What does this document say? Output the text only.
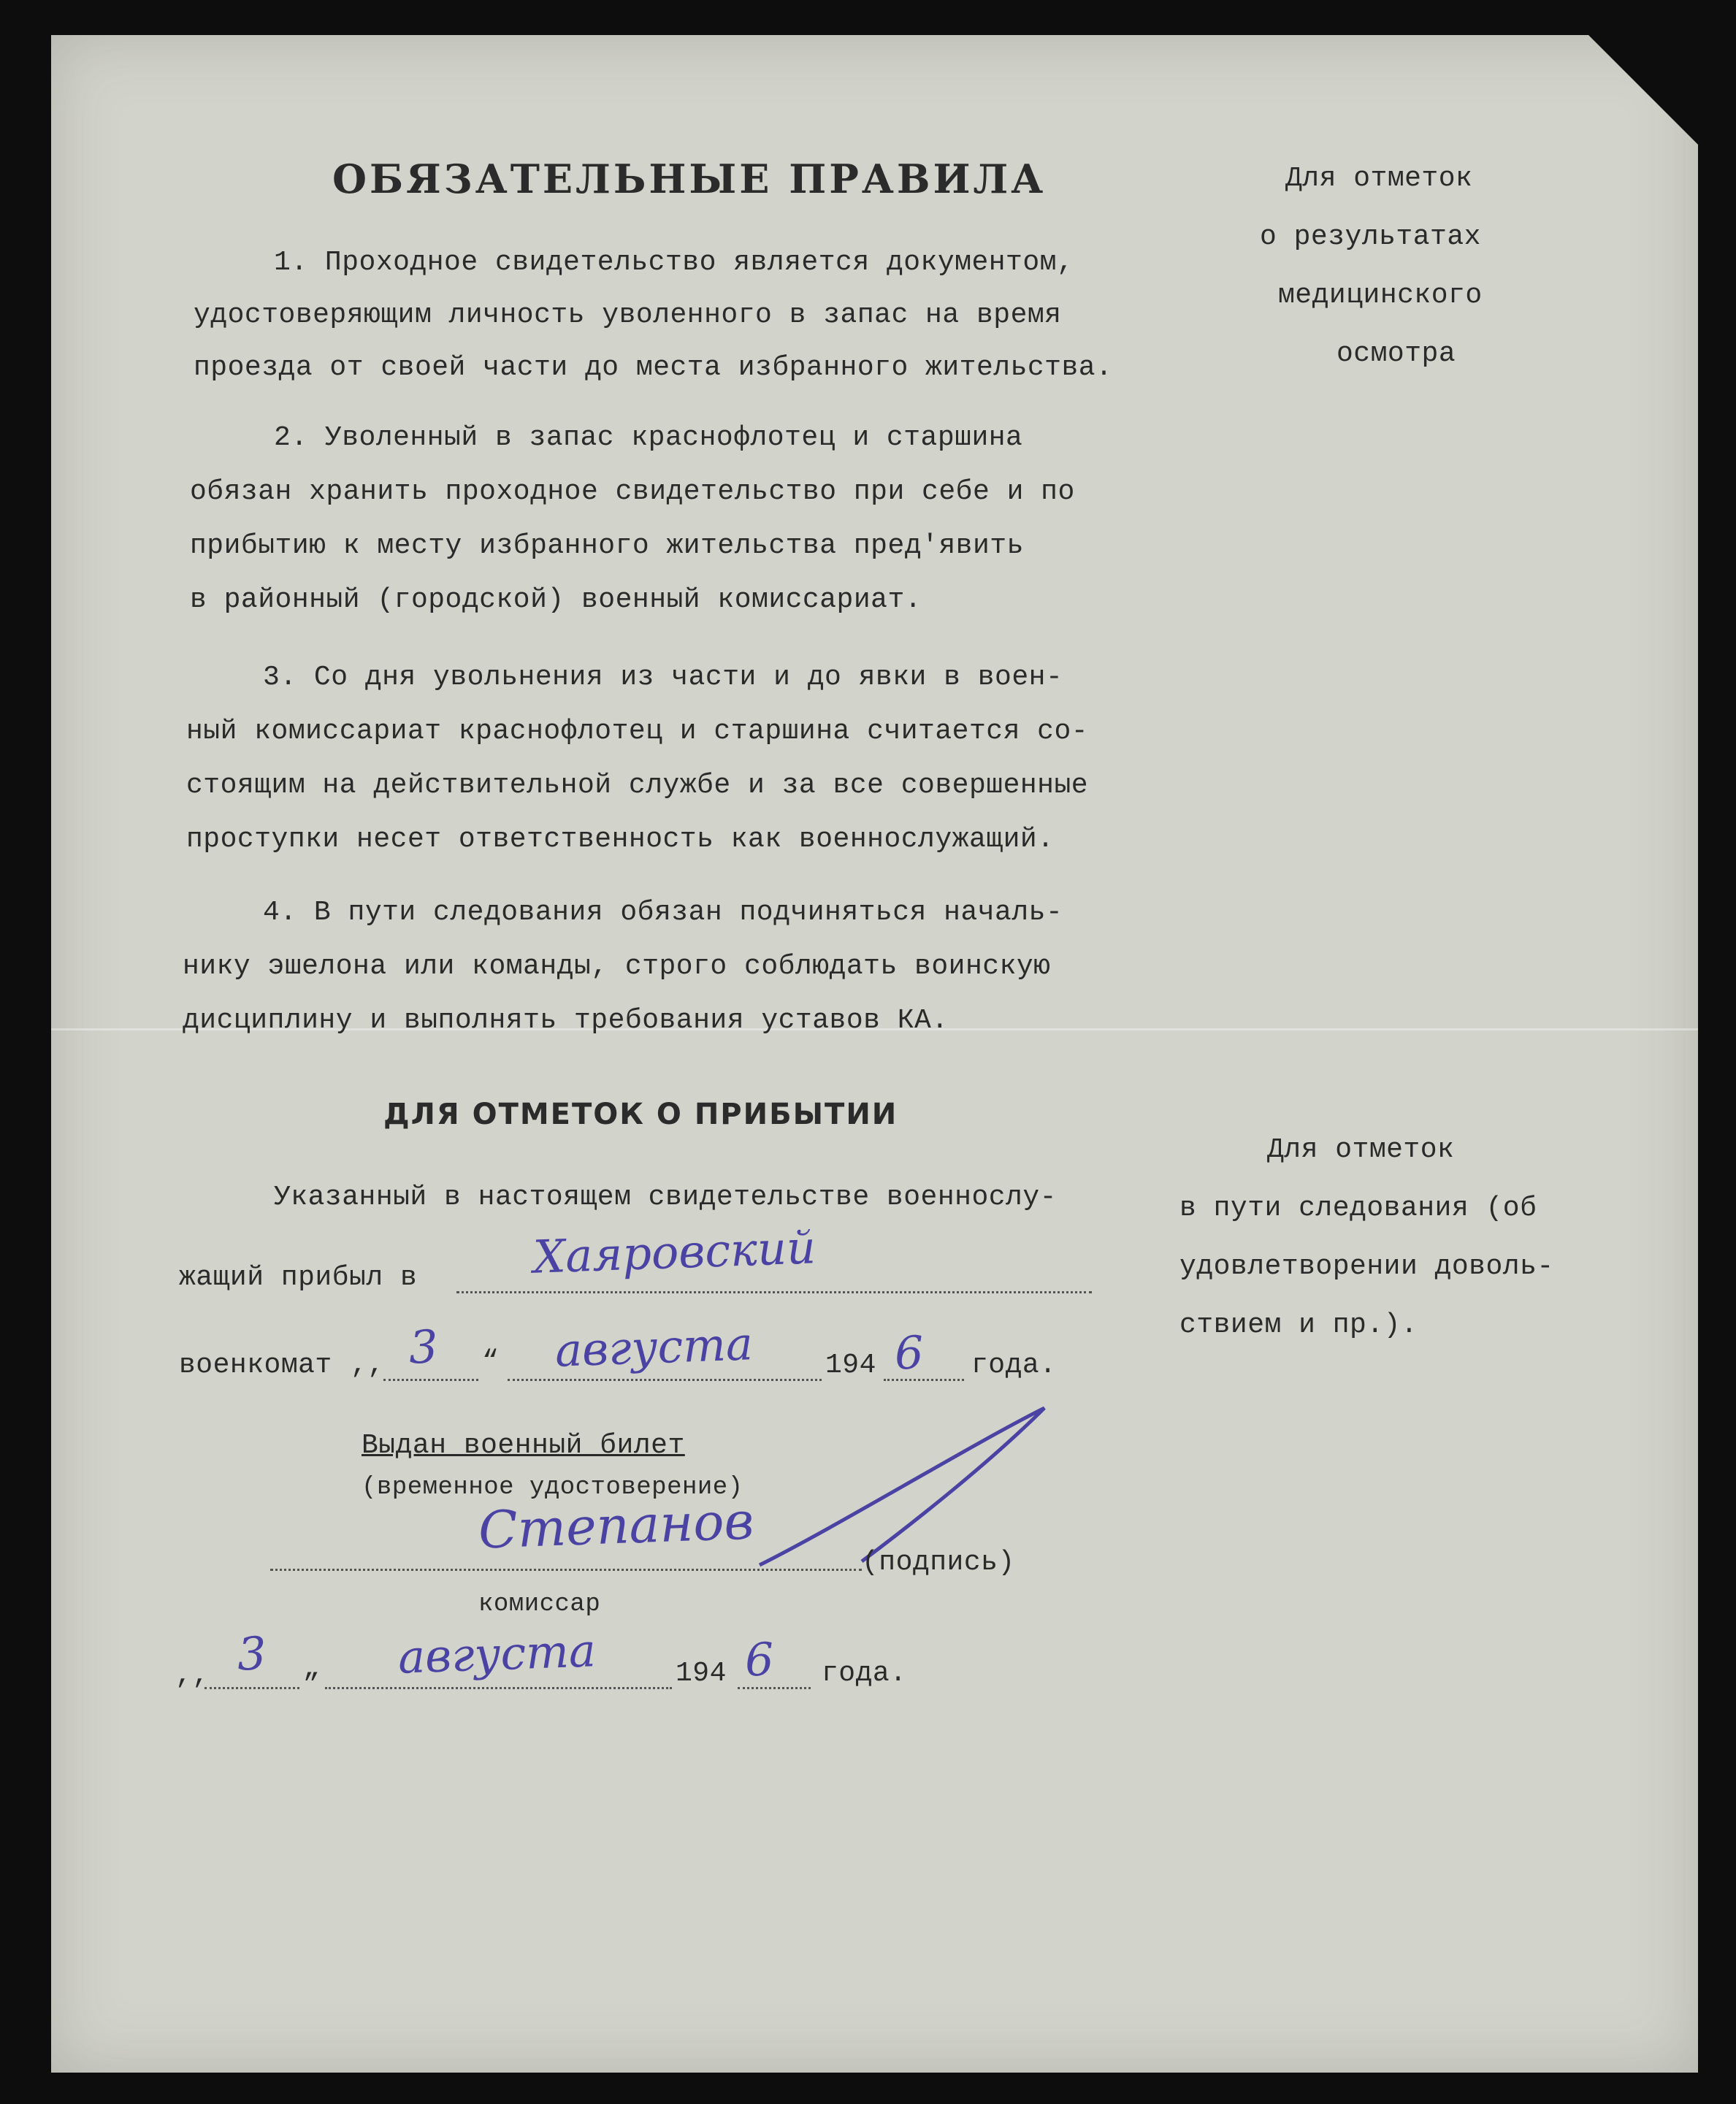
ОБЯЗАТЕЛЬНЫЕ ПРАВИЛА
1. Проходное свидетельство является документом,
удостоверяющим личность уволенного в запас на время
проезда от своей части до места избранного жительства.
2. Уволенный в запас краснофлотец и старшина
обязан хранить проходное свидетельство при себе и по
прибытию к месту избранного жительства пред'явить
в районный (городской) военный комиссариат.
3. Со дня увольнения из части и до явки в воен-
ный комиссариат краснофлотец и старшина считается со-
стоящим на действительной службе и за все совершенные
проступки несет ответственность как военнослужащий.
4. В пути следования обязан подчиняться началь-
нику эшелона или команды, строго соблюдать воинскую
дисциплину и выполнять требования уставов КА.
ДЛЯ ОТМЕТОК О ПРИБЫТИИ
Указанный в настоящем свидетельстве военнослу-
жащий прибыл в	Хаяровский
военкомат ,, 3 “ августа	194 6 года.
Выдан военный билет
(временное удостоверение)
Степанов
(подпись)
комиссар
,, 3 „ августа	194 6 года.
Для отметок
о результатах
медицинского
осмотра
Для отметок
в пути следования (об
удовлетворении доволь-
ствием и пр.).
